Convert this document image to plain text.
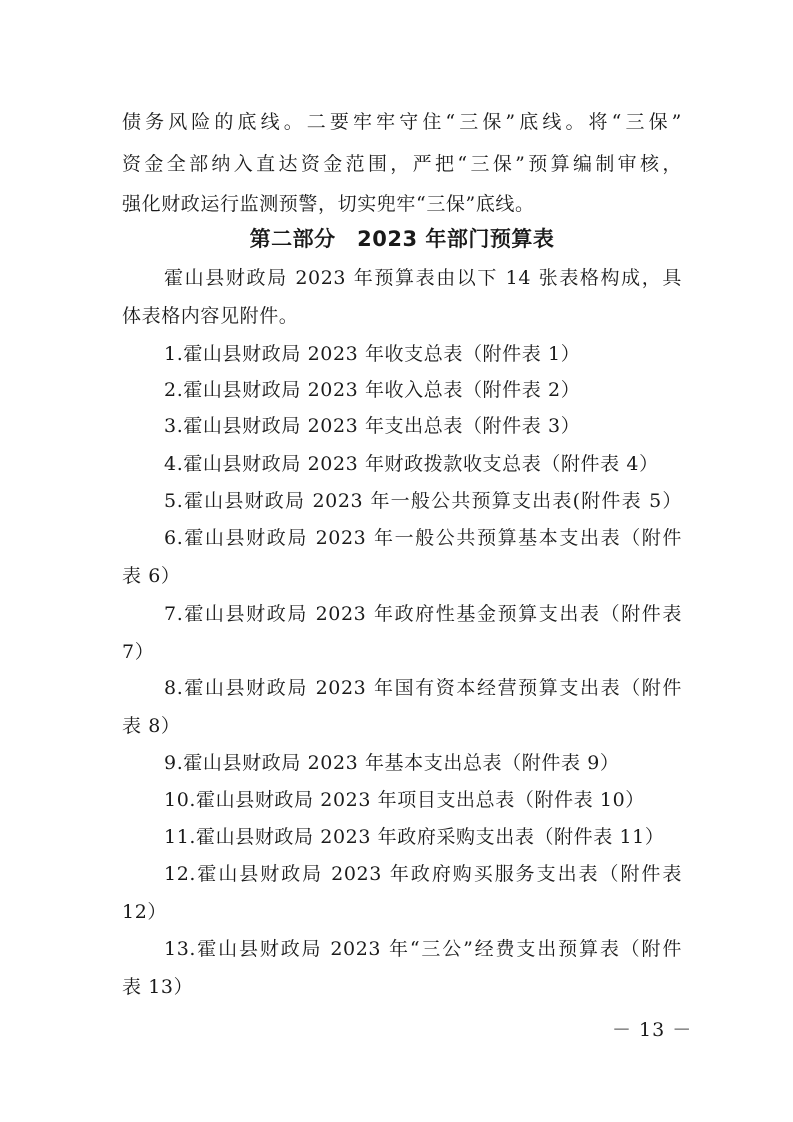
债务风险的底线。二要牢牢守住“三保”底线。将“三保”
资金全部纳入直达资金范围，严把“三保”预算编制审核，
强化财政运行监测预警，切实兜牢“三保”底线。
第二部分　2023 年部门预算表
霍山县财政局 2023 年预算表由以下 14 张表格构成，具
体表格内容见附件。
1.霍山县财政局 2023 年收支总表（附件表 1）
2.霍山县财政局 2023 年收入总表（附件表 2）
3.霍山县财政局 2023 年支出总表（附件表 3）
4.霍山县财政局 2023 年财政拨款收支总表（附件表 4）
5.霍山县财政局 2023 年一般公共预算支出表(附件表 5）
6.霍山县财政局 2023 年一般公共预算基本支出表（附件
表 6）
7.霍山县财政局 2023 年政府性基金预算支出表（附件表
7）
8.霍山县财政局 2023 年国有资本经营预算支出表（附件
表 8）
9.霍山县财政局 2023 年基本支出总表（附件表 9）
10.霍山县财政局 2023 年项目支出总表（附件表 10）
11.霍山县财政局 2023 年政府采购支出表（附件表 11）
12.霍山县财政局 2023 年政府购买服务支出表（附件表
12）
13.霍山县财政局 2023 年“三公”经费支出预算表（附件
表 13）
－ 13 －
